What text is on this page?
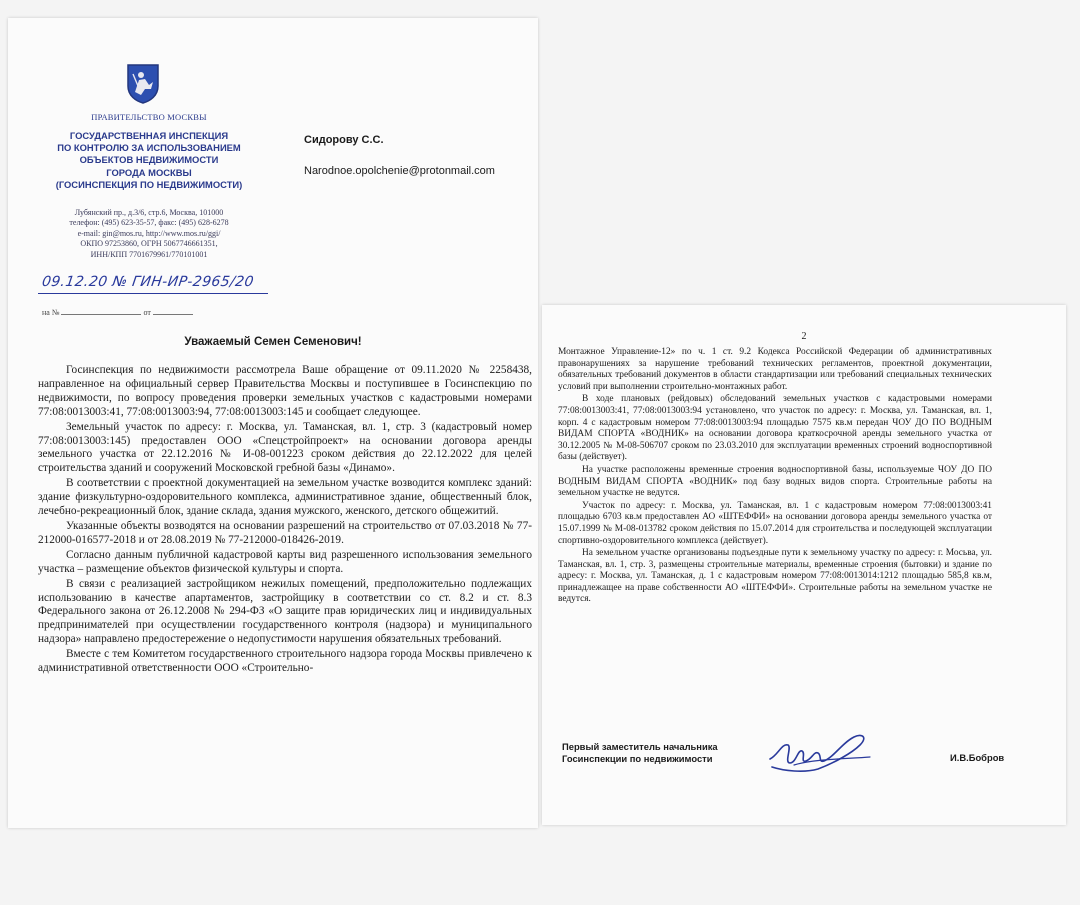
ПРАВИТЕЛЬСТВО МОСКВЫ
ГОСУДАРСТВЕННАЯ ИНСПЕКЦИЯ
ПО КОНТРОЛЮ ЗА ИСПОЛЬЗОВАНИЕМ
ОБЪЕКТОВ НЕДВИЖИМОСТИ
ГОРОДА МОСКВЫ
(ГОСИНСПЕКЦИЯ ПО НЕДВИЖИМОСТИ)
Лубянский пр., д.3/6, стр.6, Москва, 101000
телефон: (495) 623-35-57, факс: (495) 628-6278
e-mail: gin@mos.ru, http://www.mos.ru/ggi/
ОКПО 97253860, ОГРН 5067746661351,
ИНН/КПП 7701679961/770101001
09.12.20 № ГИН-ИР-2965/20
на №	от
Сидорову С.С.
Narodnoe.opolchenie@protonmail.com
Уважаемый Семен Семенович!

Госинспекция по недвижимости рассмотрела Ваше обращение от 09.11.2020 № 2258438, направленное на официальный сервер Правительства Москвы и поступившее в Госинспекцию по недвижимости, по вопросу проведения проверки земельных участков с кадастровыми номерами 77:08:0013003:41, 77:08:0013003:94, 77:08:0013003:145 и сообщает следующее.

Земельный участок по адресу: г. Москва, ул. Таманская, вл. 1, стр. 3 (кадастровый номер 77:08:0013003:145) предоставлен ООО «Спецстройпроект» на основании договора аренды земельного участка от 22.12.2016 № И-08-001223 сроком действия до 22.12.2022 для целей строительства зданий и сооружений Московской гребной базы «Динамо».

В соответствии с проектной документацией на земельном участке возводится комплекс зданий: здание физкультурно-оздоровительного комплекса, административное здание, общественный блок, лечебно-рекреационный блок, здание склада, здания мужского, женского, детского общежитий.

Указанные объекты возводятся на основании разрешений на строительство от 07.03.2018 № 77-212000-016577-2018 и от 28.08.2019 № 77-212000-018426-2019.

Согласно данным публичной кадастровой карты вид разрешенного использования земельного участка – размещение объектов физической культуры и спорта.

В связи с реализацией застройщиком нежилых помещений, предположительно подлежащих использованию в качестве апартаментов, застройщику в соответствии со ст. 8.2 и ст. 8.3 Федерального закона от 26.12.2008 № 294-ФЗ «О защите прав юридических лиц и индивидуальных предпринимателей при осуществлении государственного контроля (надзора) и муниципального надзора» направлено предостережение о недопустимости нарушения обязательных требований.

Вместе с тем Комитетом государственного строительного надзора города Москвы привлечено к административной ответственности ООО «Строительно-

2

Монтажное Управление-12» по ч. 1 ст. 9.2 Кодекса Российской Федерации об административных правонарушениях за нарушение требований технических регламентов, проектной документации, обязательных требований документов в области стандартизации или требований специальных технических условий при выполнении строительно-монтажных работ.

В ходе плановых (рейдовых) обследований земельных участков с кадастровыми номерами 77:08:0013003:41, 77:08:0013003:94 установлено, что участок по адресу: г. Москва, ул. Таманская, вл. 1, корп. 4 с кадастровым номером 77:08:0013003:94 площадью 7575 кв.м передан ЧОУ ДО ПО ВОДНЫМ ВИДАМ СПОРТА «ВОДНИК» на основании договора краткосрочной аренды земельного участка от 30.12.2005 № М-08-506707 сроком по 23.03.2010 для эксплуатации временных строений водноспортивной базы (действует).

На участке расположены временные строения водноспортивной базы, используемые ЧОУ ДО ПО ВОДНЫМ ВИДАМ СПОРТА «ВОДНИК» под базу водных видов спорта. Строительные работы на земельном участке не ведутся.

Участок по адресу: г. Москва, ул. Таманская, вл. 1 с кадастровым номером 77:08:0013003:41 площадью 6703 кв.м предоставлен АО «ШТЕФФИ» на основании договора аренды земельного участка от 15.07.1999 № М-08-013782 сроком действия по 15.07.2014 для строительства и последующей эксплуатации спортивно-оздоровительного комплекса (действует).

На земельном участке организованы подъездные пути к земельному участку по адресу: г. Мосьва, ул. Таманская, вл. 1, стр. 3, размещены строительные материалы, временные строения (бытовки) и здание по адресу: г. Москва, ул. Таманская, д. 1 с кадастровым номером 77:08:0013014:1212 площадью 585,8 кв.м, принадлежащее на праве собственности АО «ШТЕФФИ». Строительные работы на земельном участке не ведутся.

Первый заместитель начальника
Госинспекции по недвижимости	И.В.Бобров
